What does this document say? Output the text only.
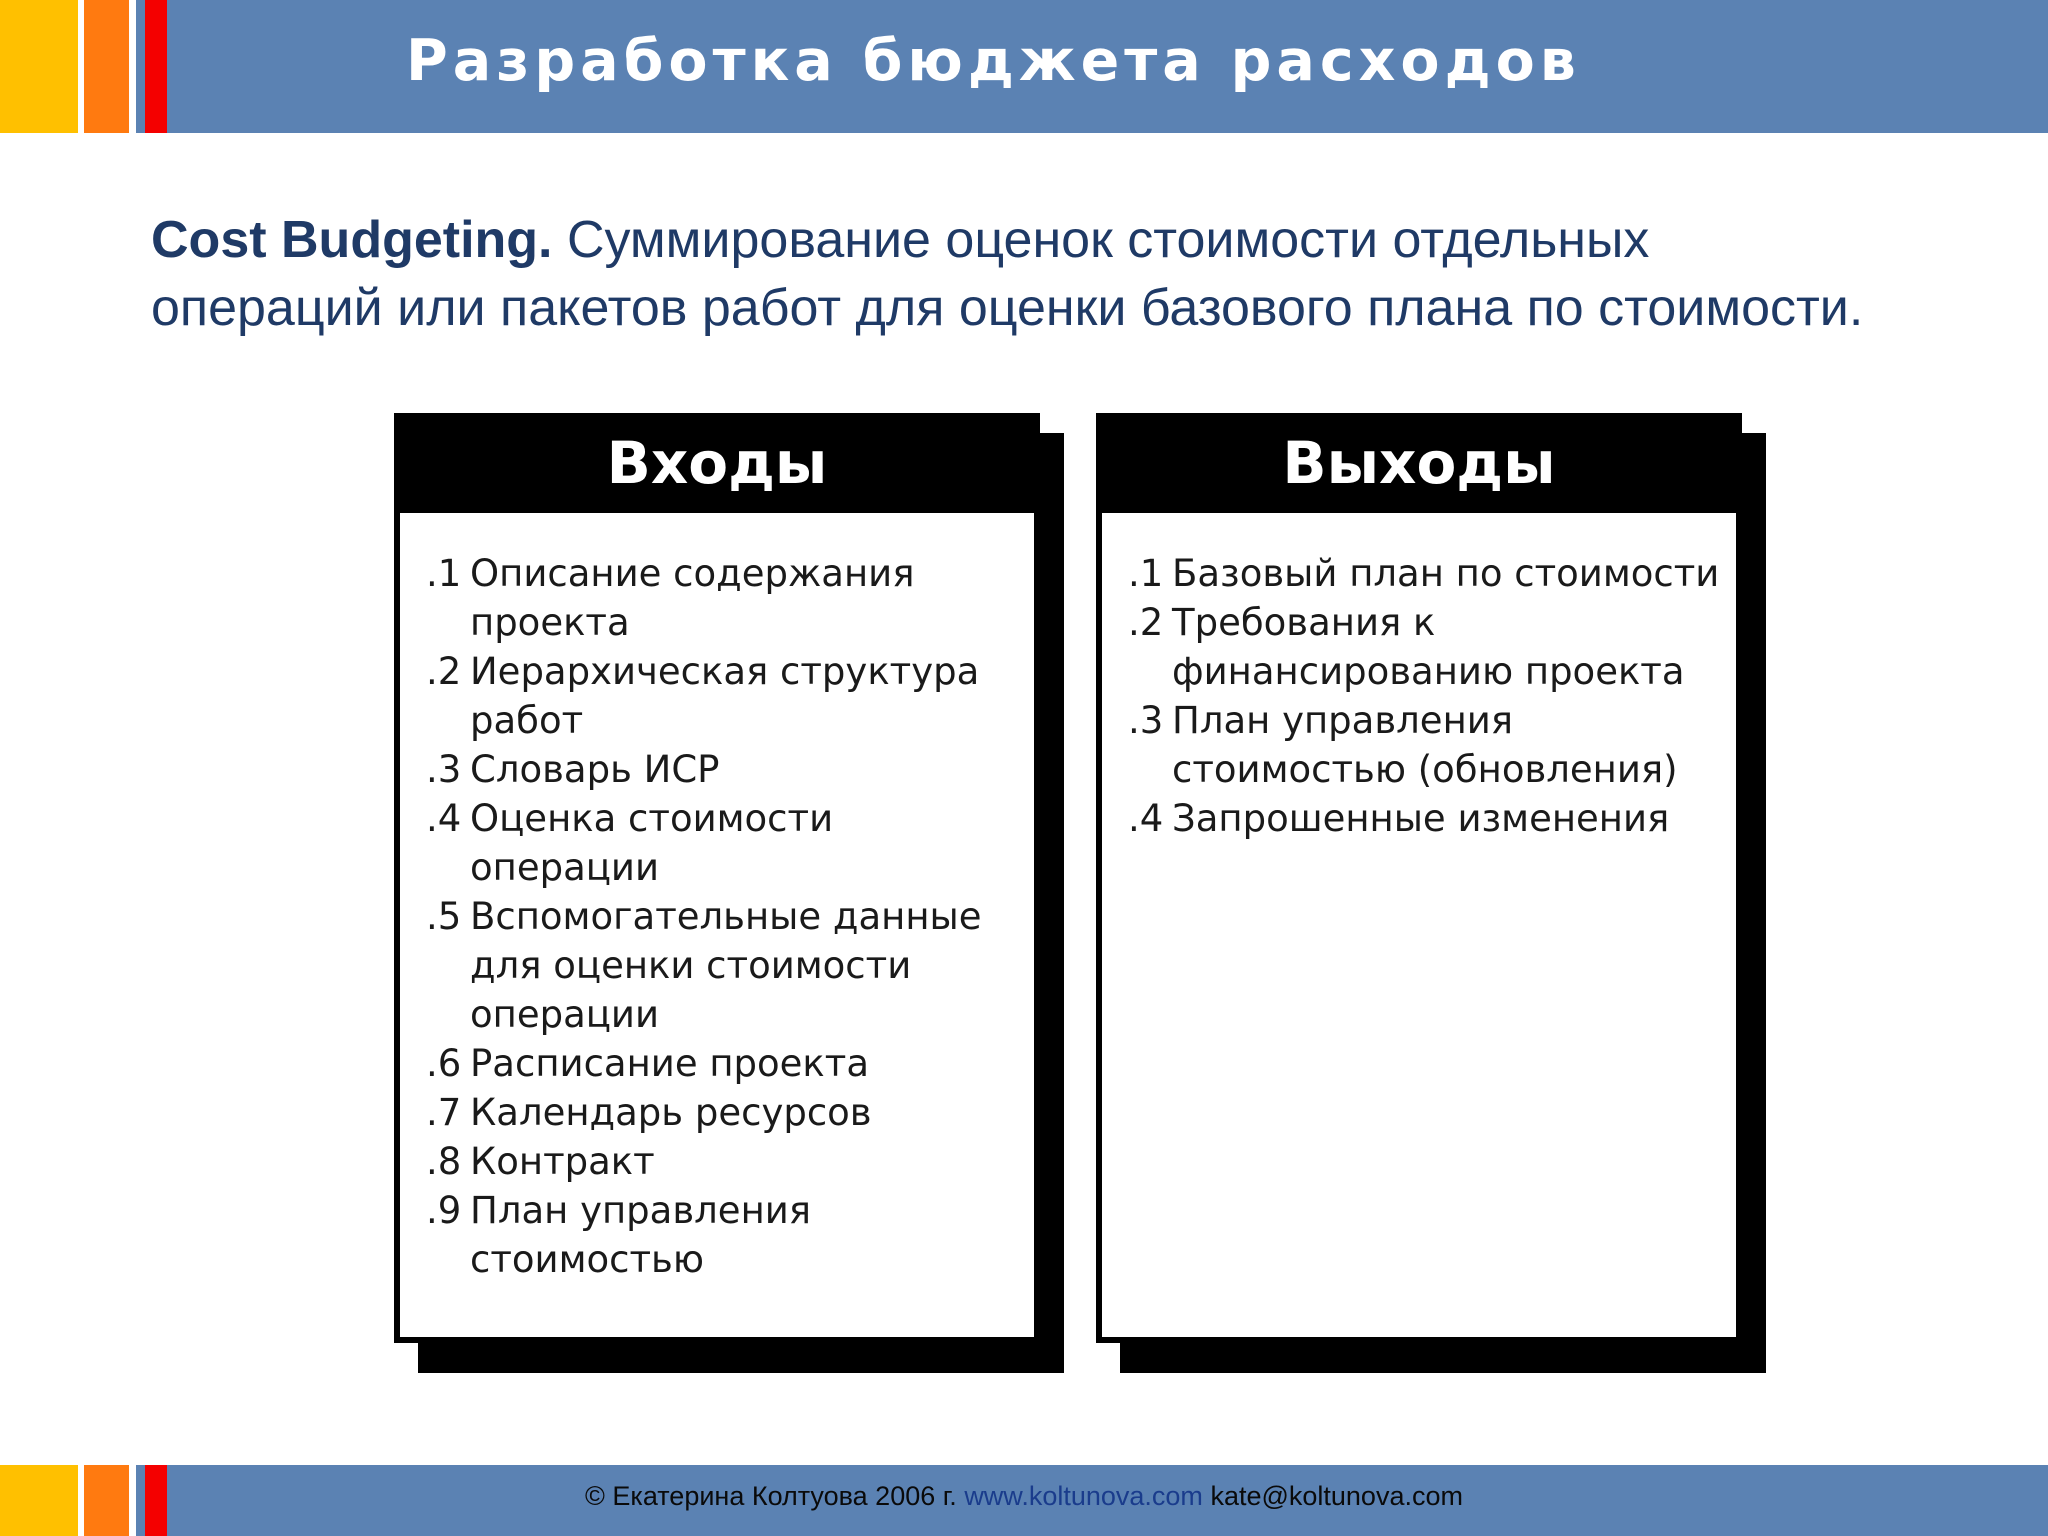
Разработка бюджета расходов
Cost Budgeting. Суммирование оценок стоимости отдельных операций или пакетов работ для оценки базового плана по стоимости.
Входы
.1 Описание содержания проекта
.2 Иерархическая структура работ
.3 Словарь ИСР
.4 Оценка стоимости операции
.5 Вспомогательные данные для оценки стоимости операции
.6 Расписание проекта
.7 Календарь ресурсов
.8 Контракт
.9 План управления стоимостью
Выходы
.1 Базовый план по стоимости
.2 Требования к финансированию проекта
.3 План управления стоимостью (обновления)
.4 Запрошенные изменения
© Екатерина Колтуова 2006 г. www.koltunova.com kate@koltunova.com
